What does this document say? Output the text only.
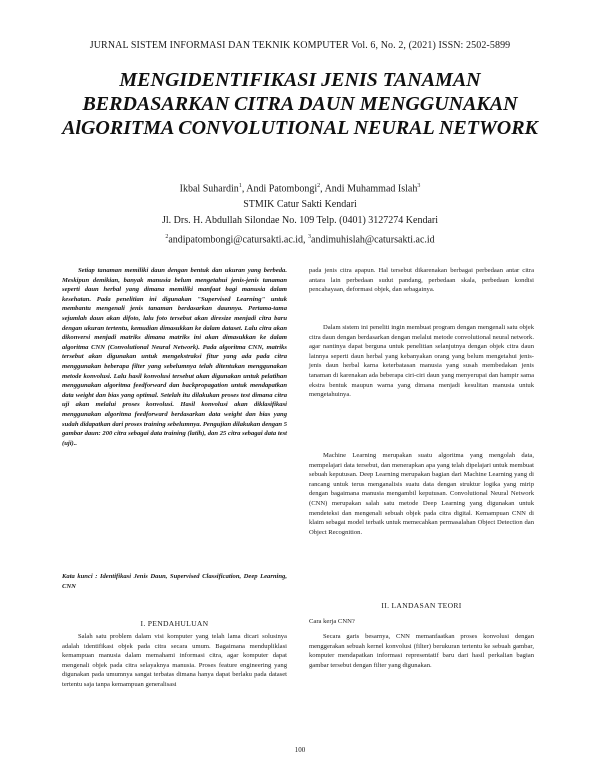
JURNAL SISTEM INFORMASI DAN TEKNIK KOMPUTER Vol. 6, No. 2, (2021) ISSN: 2502-5899
MENGIDENTIFIKASI JENIS TANAMAN BERDASARKAN CITRA DAUN MENGGUNAKAN AlGORITMA CONVOLUTIONAL NEURAL NETWORK
Ikbal Suhardin$^1$, Andi Patombongi$^2$, Andi Muhammad Islah$^3$
STMIK Catur Sakti Kendari
Jl. Drs. H. Abdullah Silondae No. 109 Telp. (0401) 3127274 Kendari
$^2$andipatombongi@catursakti.ac.id, $^3$andimuhislah@catursakti.ac.id

Setiap tanaman memiliki daun dengan bentuk dan ukuran yang berbeda. Meskipun demikian, banyak manusia belum mengetahui jenis-jenis tanaman seperti daun herbal yang dimana memiliki manfaat bagi manusia dalam kesehatan. Pada penelitian ini digunakan "Supervised Learning" untuk membantu mengenali jenis tanaman berdasarkan daunnya. Pertama-tama sejumlah daun akan difoto, lalu foto tersebut akan diresize menjadi citra baru dengan ukuran tertentu, kemudian dimasukkan ke dalam dataset. Lalu citra akan dikonversi menjadi matriks dimana matriks ini akan dimasukkan ke dalam algoritma CNN (Convolutional Neural Network). Pada algoritma CNN, matriks tersebut akan digunakan untuk mengekstraksi fitur yang ada pada citra menggunakan beberapa filter yang sebelumnya telah ditentukan menggunakan metode konvolusi. Lalu hasil konvolusi tersebut akan digunakan untuk pelatihan menggunakan algoritma feedforward dan backpropagation untuk mendapatkan data weight dan bias yang optimal. Setelah itu dilakukan proses test dimana citra uji akan melalui proses konvolusi. Hasil konvolusi akan diklasifikasi menggunakan algoritma feedforward berdasarkan data weight dan bias yang sudah didapatkan dari proses training sebelumnya. Pengujian dilakukan dengan 5 gambar daun: 200 citra sebagai data training (latih), dan 25 citra sebagai data test (uji)..

Kata kunci : Identifikasi Jenis Daun, Supervised Classification, Deep Learning, CNN

I. PENDAHULUAN

Salah satu problem dalam visi komputer yang telah lama dicari solusinya adalah identifikasi objek pada citra secara umum. Bagaimana mendupliklasi kemampuan manusia dalam memahami informasi citra, agar komputer dapat mengenali objek pada citra selayaknya manusia. Proses feature engineering yang digunakan pada umumnya sangat terbatas dimana hanya dapat berlaku pada dataset tertentu saja tanpa kemampuan generalisasi

pada jenis citra apapun. Hal tersebut dikarenakan berbagai perbedaan antar citra antara lain perbedaan sudut pandang, perbedaan skala, perbedaan kondisi pencahayaan, deformasi objek, dan sebagainya.

Dalam sistem ini peneliti ingin membuat program dengan mengenali satu objek citra daun dengan berdasarkan dengan melalui metode convolutional neural network. agar nantinya dapat berguna untuk penelitian selanjutnya dengan objek citra daun lainnya seperti daun herbal yang kebanyakan orang yang belum mengetahui jenis-jenis daun herbal karna keterbatasan manusia yang susah membedakan jenis tanaman di karenakan ada beberapa ciri-ciri daun yang menyerupai dan hampir sama ekstra bentuk maupun warna yang dimana menjadi kesulitan manusia untuk mengetahuinya.

Machine Learning merupakan suatu algoritma yang mengolah data, mempelajari data tersebut, dan menerapkan apa yang telah dipelajari untuk membuat sebuah keputusan. Deep Learning merupakan bagian dari Machine Learning yang di rancang untuk terus menganalisis suatu data dengan struktur logika yang mirip dengan bagaimana manusia mengambil keputusan. Convolutional Neural Network (CNN) merupakan salah satu metode Deep Learning yang digunakan untuk mendeteksi dan mengenali sebuah objek pada citra digital. Kemampuan CNN di klaim sebagai model terbaik untuk memecahkan permasalahan Object Detection dan Object Recognition.

II. LANDASAN TEORI

Cara kerja CNN?

Secara garis besarnya, CNN memanfaatkan proses konvolusi dengan menggerakan sebuah kernel konvolusi (filter) berukuran tertentu ke sebuah gambar, komputer mendapatkan informasi representatif baru dari hasil perkalian bagian gambar tersebut dengan filter yang digunakan.

100
